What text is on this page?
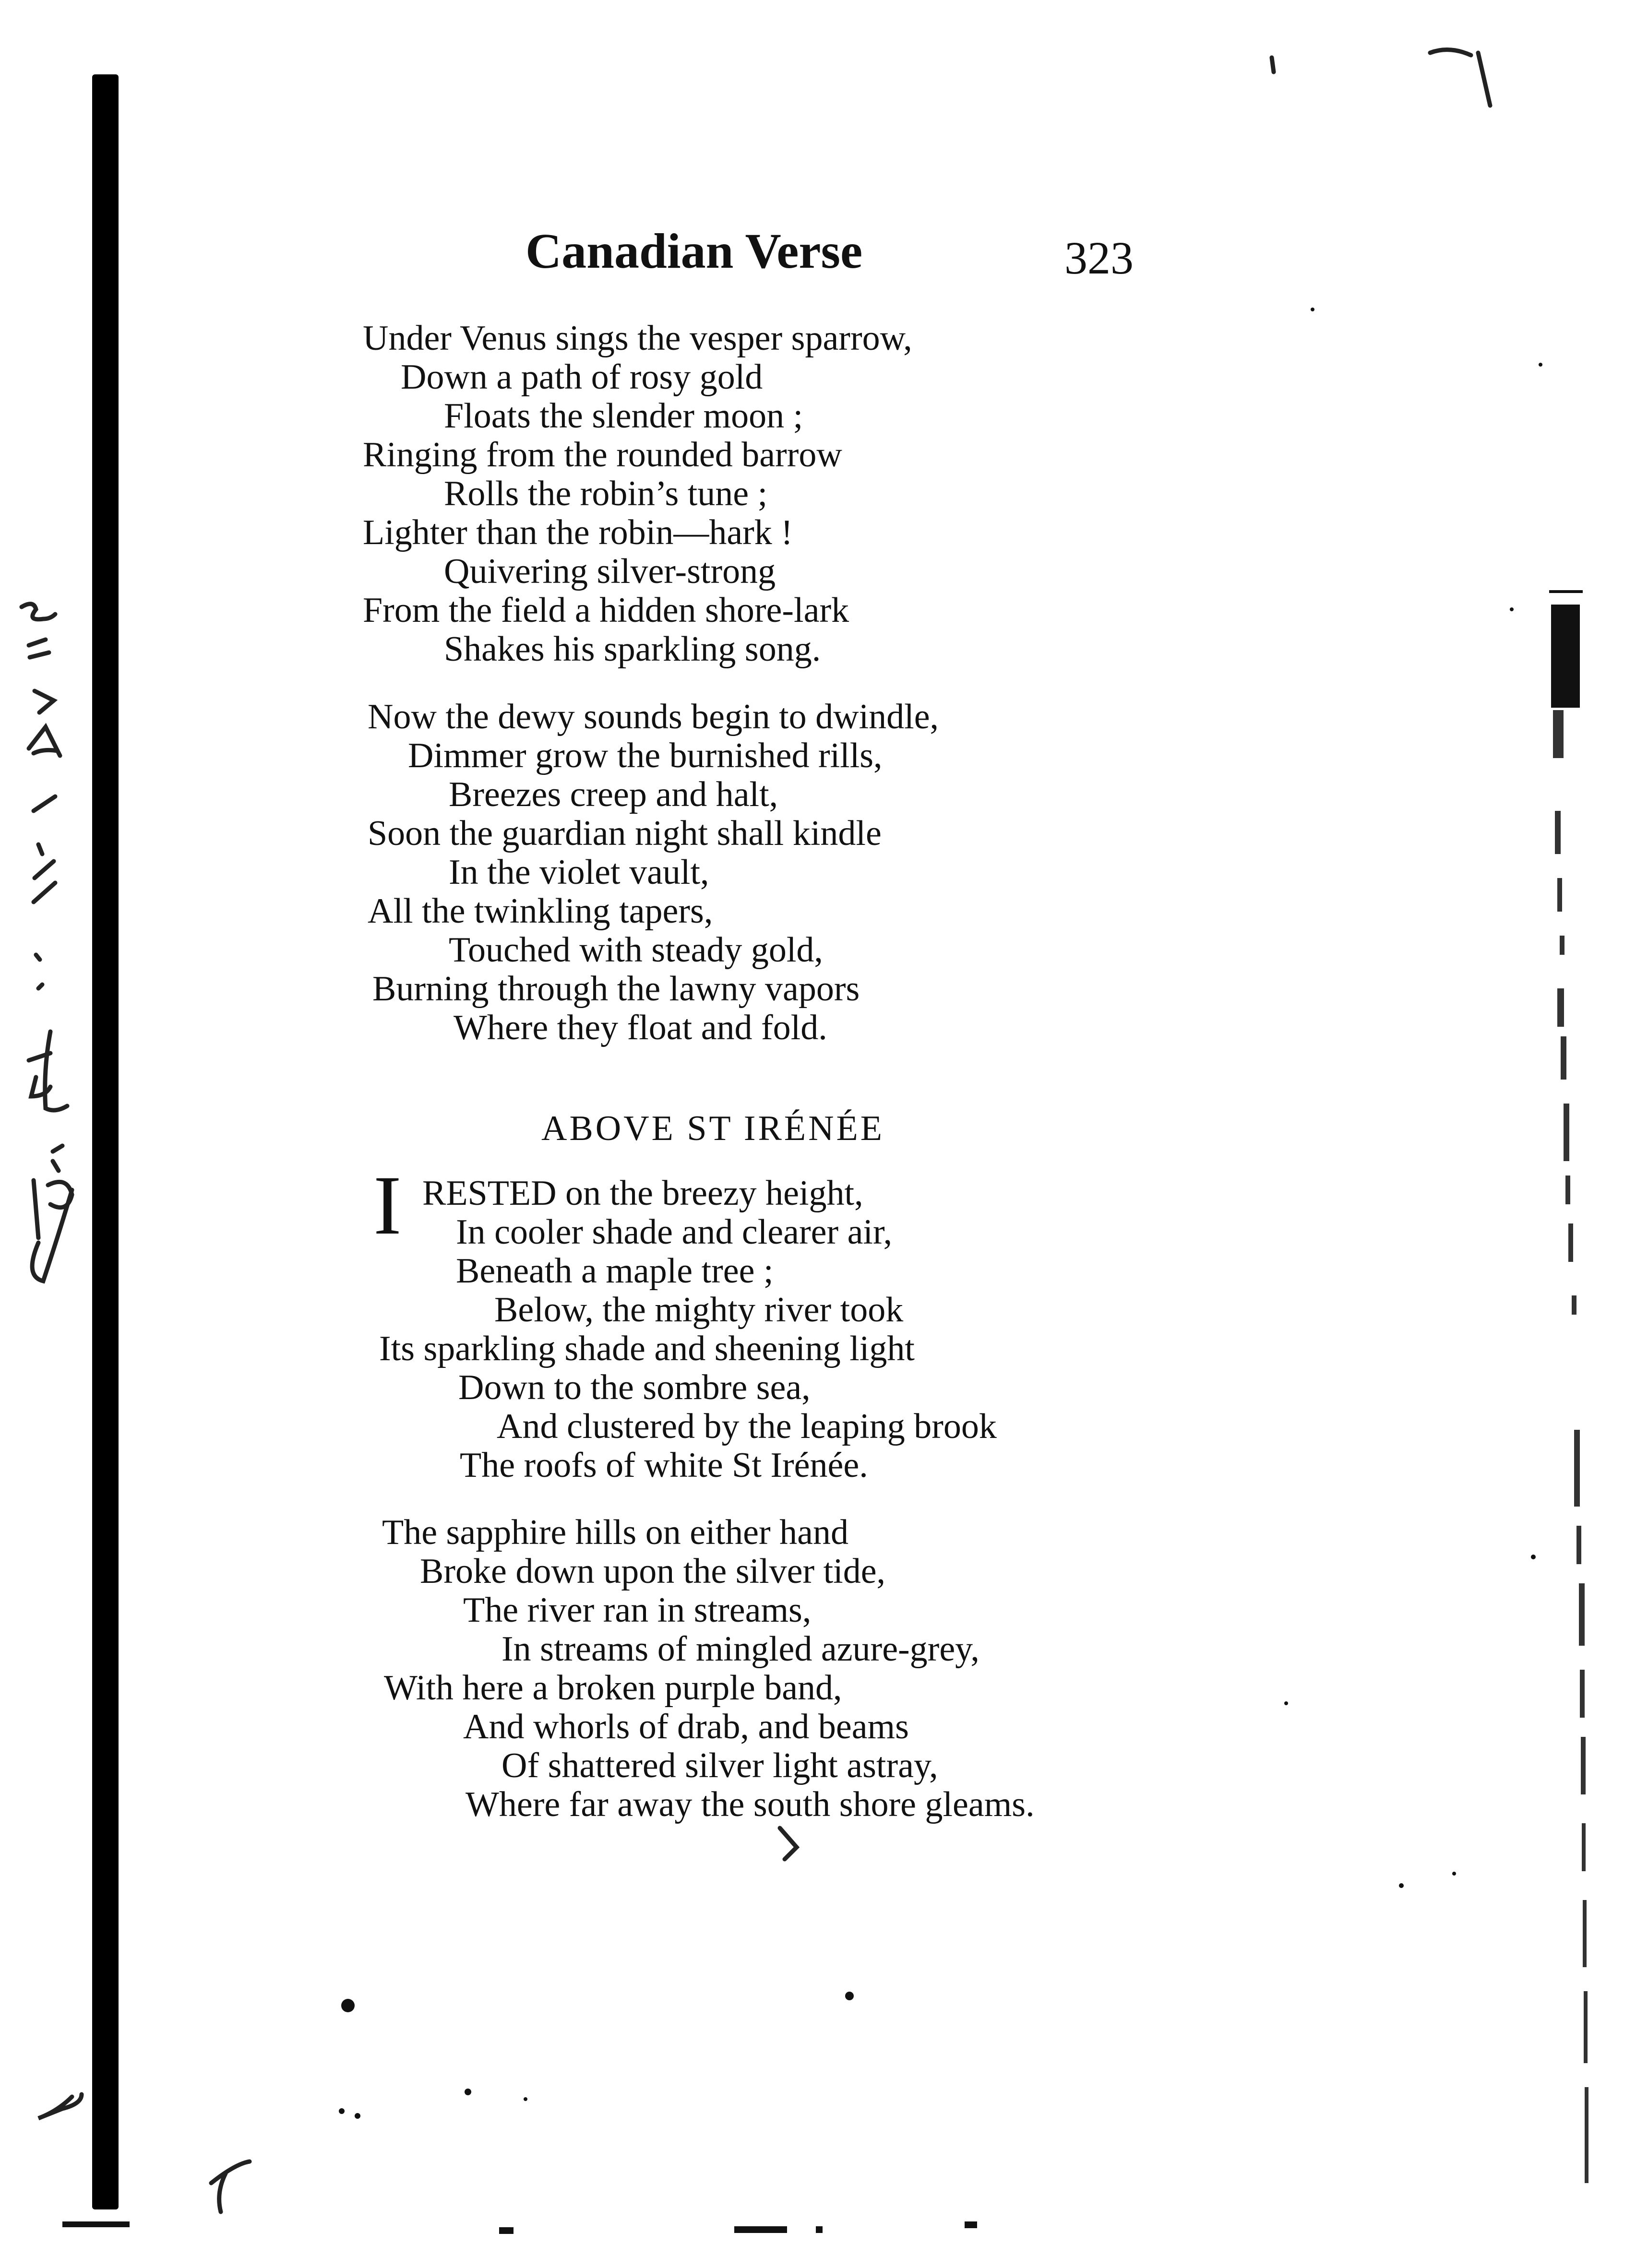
Canadian Verse	323
Under Venus sings the vesper sparrow,
Down a path of rosy gold
Floats the slender moon ;
Ringing from the rounded barrow
Rolls the robin’s tune ;
Lighter than the robin—hark !
Quivering silver-strong
From the field a hidden shore-lark
Shakes his sparkling song.
Now the dewy sounds begin to dwindle,
Dimmer grow the burnished rills,
Breezes creep and halt,
Soon the guardian night shall kindle
In the violet vault,
All the twinkling tapers,
Touched with steady gold,
Burning through the lawny vapors
Where they float and fold.
ABOVE ST IRÉNÉE
I RESTED on the breezy height,
In cooler shade and clearer air,
Beneath a maple tree ;
Below, the mighty river took
Its sparkling shade and sheening light
Down to the sombre sea,
And clustered by the leaping brook
The roofs of white St Irénée.
The sapphire hills on either hand
Broke down upon the silver tide,
The river ran in streams,
In streams of mingled azure-grey,
With here a broken purple band,
And whorls of drab, and beams
Of shattered silver light astray,
Where far away the south shore gleams.
